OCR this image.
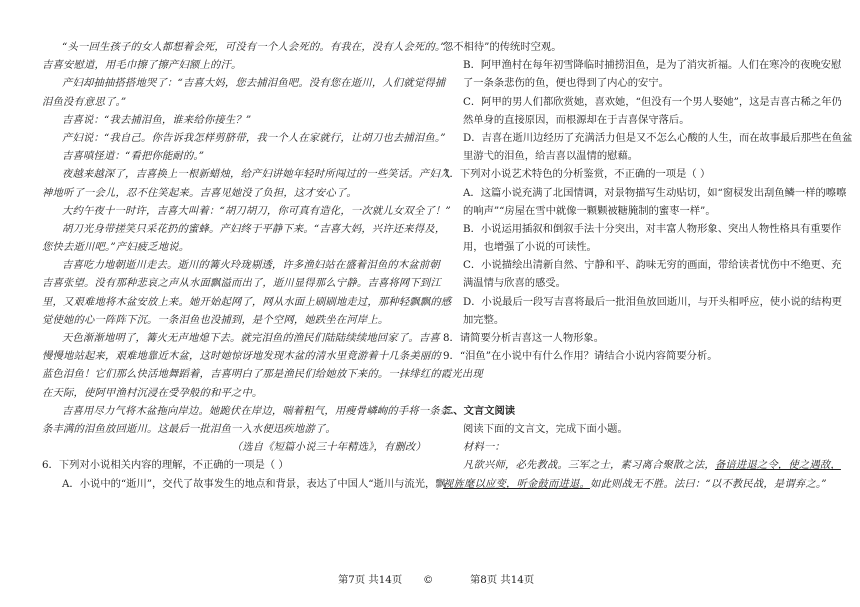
“头一回生孩子的女人都想着会死，可没有一个人会死的。有我在，没有人会死的。”
吉喜安慰道，用毛巾擦了擦产妇额上的汗。
产妇却抽抽搭搭地哭了：“吉喜大妈，您去捕泪鱼吧。没有您在逝川，人们就觉得捕
泪鱼没有意思了。”
吉喜说：“我去捕泪鱼，谁来给你接生？”
产妇说：“我自己。你告诉我怎样剪脐带，我一个人在家就行，让胡刀也去捕泪鱼。”
吉喜嗔怪道：“看把你能耐的。”
夜越来越深了，吉喜换上一根新蜡烛，给产妇讲她年轻时所闯过的一些笑话。产妇入
神地听了一会儿，忍不住笑起来。吉喜见她没了负担，这才安心了。
大约午夜十一时许，吉喜大叫着：“胡刀胡刀，你可真有造化，一次就儿女双全了！”
胡刀光身带搓笑只采花扔的蜜蜂。产妇终于平静下来。“吉喜大妈，兴许还来得及，
您快去逝川吧。”产妇疲乏地说。
吉喜吃力地朝逝川走去。逝川的篝火玲珑剔透，许多渔妇站在盛着泪鱼的木盆前朝
吉喜张望。没有那种悲哀之声从水面飘溢而出了，逝川显得那么宁静。吉喜将网下到江
里，又艰难地将木盆安放上来。她开始起网了，网从水面上刷刷地走过，那种轻飘飘的感
觉使她的心一阵阵下沉。一条泪鱼也没捕到，是个空网，她跌坐在河岸上。
天色渐渐地明了，篝火无声地熄下去。就完泪鱼的渔民们陆陆续续地回家了。吉喜
慢慢地站起来，艰难地靠近木盆，这时她惊讶地发现木盆的清水里竟游着十几条美丽的
蓝色泪鱼！它们那么快活地舞蹈着，吉喜明白了那是渔民们给她放下来的。一抹绯红的霞光出现
在天际，使阿甲渔村沉浸在受孕般的和平之中。
吉喜用尽力气将木盆拖向岸边。她跪伏在岸边，喘着粗气，用瘦骨嶙峋的手将一条条
条丰满的泪鱼放回逝川。这最后一批泪鱼一入水便迅疾地游了。
（选自《短篇小说三十年精选》，有删改）
6．下列对小说相关内容的理解，不正确的一项是（ ）
A．小说中的“逝川”，交代了故事发生的地点和背景，表达了中国人“逝川与流光，飘
忽不相待”的传统时空观。
B．阿甲渔村在每年初雪降临时捕捞泪鱼，是为了消灾祈福。人们在寒冷的夜晚安慰
了一条条悲伤的鱼，便也得到了内心的安宁。
C．阿甲的男人们都欣赏她，喜欢她，“但没有一个男人娶她”，这是吉喜古稀之年仍
然单身的直接原因，而根源却在于吉喜保守落后。
D．吉喜在逝川边经历了充满活力但是又不怎么心酸的人生，而在故事最后那些在鱼盆
里游弋的泪鱼，给吉喜以温情的慰藉。
7．下列对小说艺术特色的分析鉴赏，不正确的一项是（ ）
A．这篇小说充满了北国情调，对景物描写生动贴切，如“窗棂发出刮鱼鳞一样的嚓嚓
的响声”“房屋在雪中就像一颗颗被糖腌制的蜜枣一样”。
B．小说运用插叙和倒叙手法十分突出，对丰富人物形象、突出人物性格具有重要作
用，也增强了小说的可读性。
C．小说描绘出清新自然、宁静和平、韵味无穷的画面，带给读者忧伤中不绝更、充
满温情与欣喜的感受。
D．小说最后一段写吉喜将最后一批泪鱼放回逝川，与开头相呼应，使小说的结构更
加完整。
8．请简要分析吉喜这一人物形象。
9．“泪鱼”在小说中有什么作用？请结合小说内容简要分析。
二、文言文阅读
阅读下面的文言文，完成下面小题。
材料一：
凡欲兴师，必先教战。三军之士，素习离合聚散之法，备谙进退之令，使之遇敌，
视旌麾以应变，听金鼓而进退。如此则战无不胜。法曰：“以不教民战，是谓弃之。”
第7页 共14页 ©	第8页 共14页
